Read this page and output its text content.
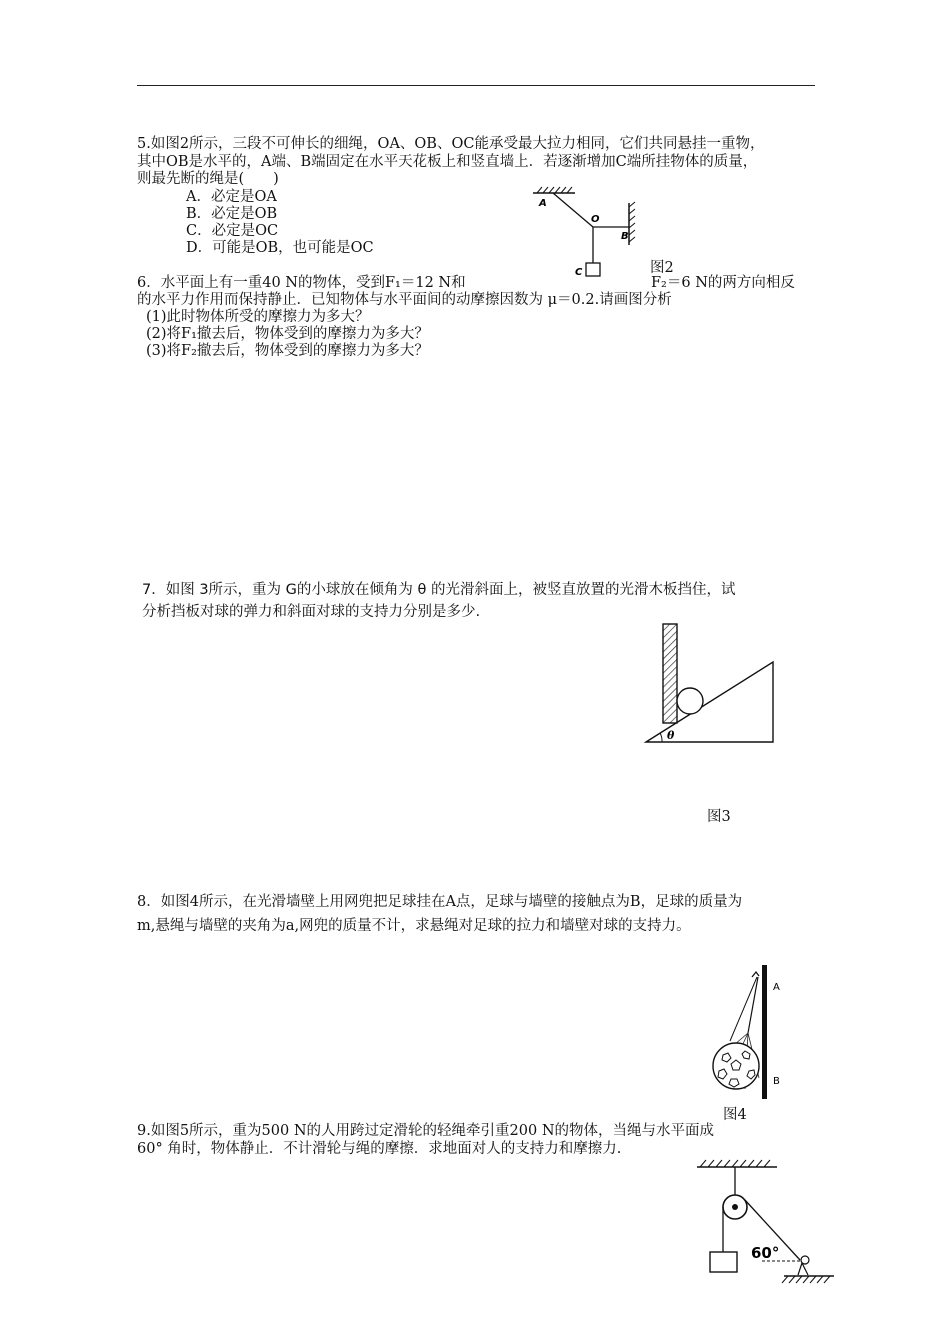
5.如图2所示，三段不可伸长的细绳，OA、OB、OC能承受最大拉力相同，它们共同悬挂一重物，
其中OB是水平的，A端、B端固定在水平天花板上和竖直墙上．若逐渐增加C端所挂物体的质量，
则最先断的绳是(　　)
A．必定是OA
B．必定是OB
C．必定是OC
D．可能是OB，也可能是OC
A
O
B
C	图2
6．水平面上有一重40 N的物体，受到F₁＝12 N和	F₂＝6 N的两方向相反
的水平力作用而保持静止．已知物体与水平面间的动摩擦因数为 μ＝0.2.请画图分析
(1)此时物体所受的摩擦力为多大？
(2)将F₁撤去后，物体受到的摩擦力为多大？
(3)将F₂撤去后，物体受到的摩擦力为多大？
7．如图 3所示，重为 G的小球放在倾角为 θ 的光滑斜面上，被竖直放置的光滑木板挡住，试
分析挡板对球的弹力和斜面对球的支持力分别是多少.
θ
图3
8．如图4所示，在光滑墙壁上用网兜把足球挂在A点，足球与墙壁的接触点为B，足球的质量为
m,悬绳与墙壁的夹角为a,网兜的质量不计，求悬绳对足球的拉力和墙壁对球的支持力。
A
B
图4
9.如图5所示，重为500 N的人用跨过定滑轮的轻绳牵引重200 N的物体，当绳与水平面成
60° 角时，物体静止．不计滑轮与绳的摩擦．求地面对人的支持力和摩擦力.
60°
